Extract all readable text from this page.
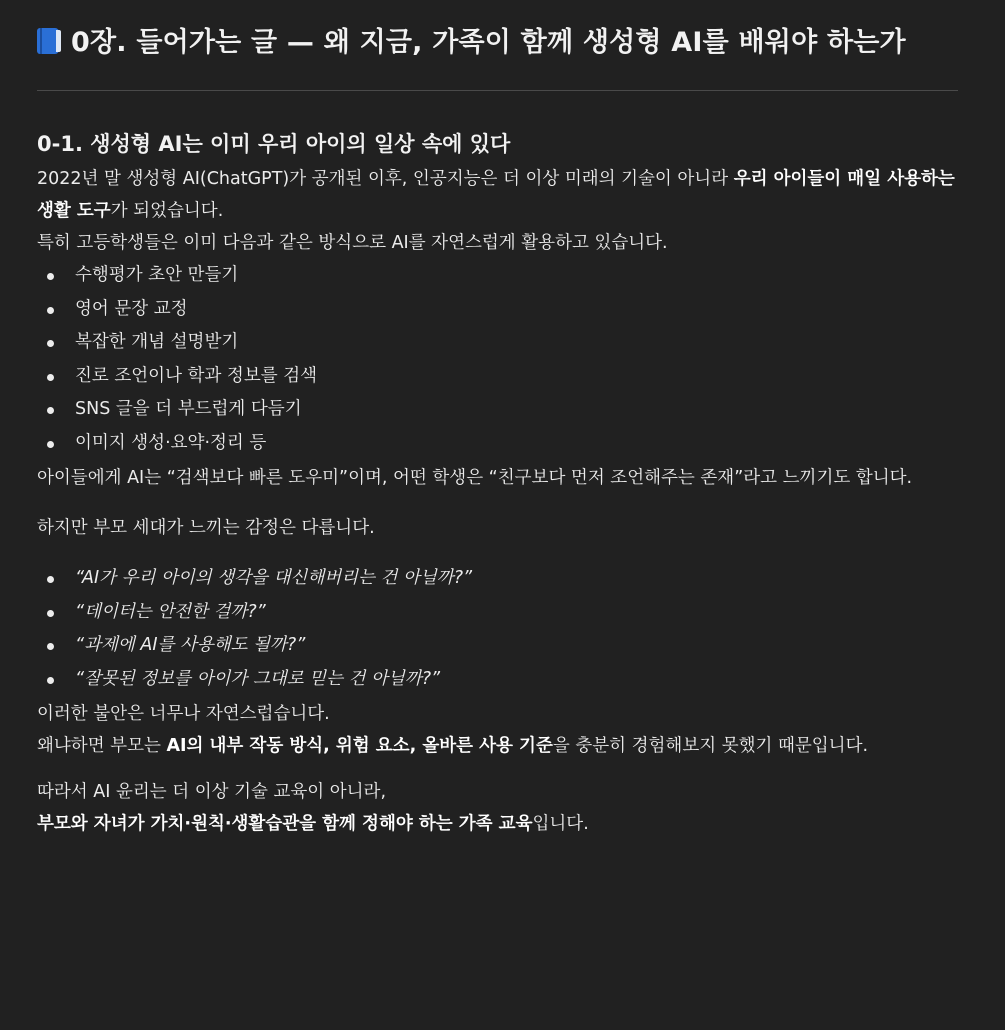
0장. 들어가는 글 — 왜 지금, 가족이 함께 생성형 AI를 배워야 하는가
0-1. 생성형 AI는 이미 우리 아이의 일상 속에 있다

2022년 말 생성형 AI(ChatGPT)가 공개된 이후, 인공지능은 더 이상 미래의 기술이 아니라 우리 아이들이 매일 사용하는 생활 도구가 되었습니다.

특히 고등학생들은 이미 다음과 같은 방식으로 AI를 자연스럽게 활용하고 있습니다.

수행평가 초안 만들기
영어 문장 교정
복잡한 개념 설명받기
진로 조언이나 학과 정보를 검색
SNS 글을 더 부드럽게 다듬기
이미지 생성·요약·정리 등

아이들에게 AI는 “검색보다 빠른 도우미”이며, 어떤 학생은 “친구보다 먼저 조언해주는 존재”라고 느끼기도 합니다.

하지만 부모 세대가 느끼는 감정은 다릅니다.

“AI가 우리 아이의 생각을 대신해버리는 건 아닐까?”
“데이터는 안전한 걸까?”
“과제에 AI를 사용해도 될까?”
“잘못된 정보를 아이가 그대로 믿는 건 아닐까?”

이러한 불안은 너무나 자연스럽습니다.

왜냐하면 부모는 AI의 내부 작동 방식, 위험 요소, 올바른 사용 기준을 충분히 경험해보지 못했기 때문입니다.

따라서 AI 윤리는 더 이상 기술 교육이 아니라,

부모와 자녀가 가치·원칙·생활습관을 함께 정해야 하는 가족 교육입니다.
